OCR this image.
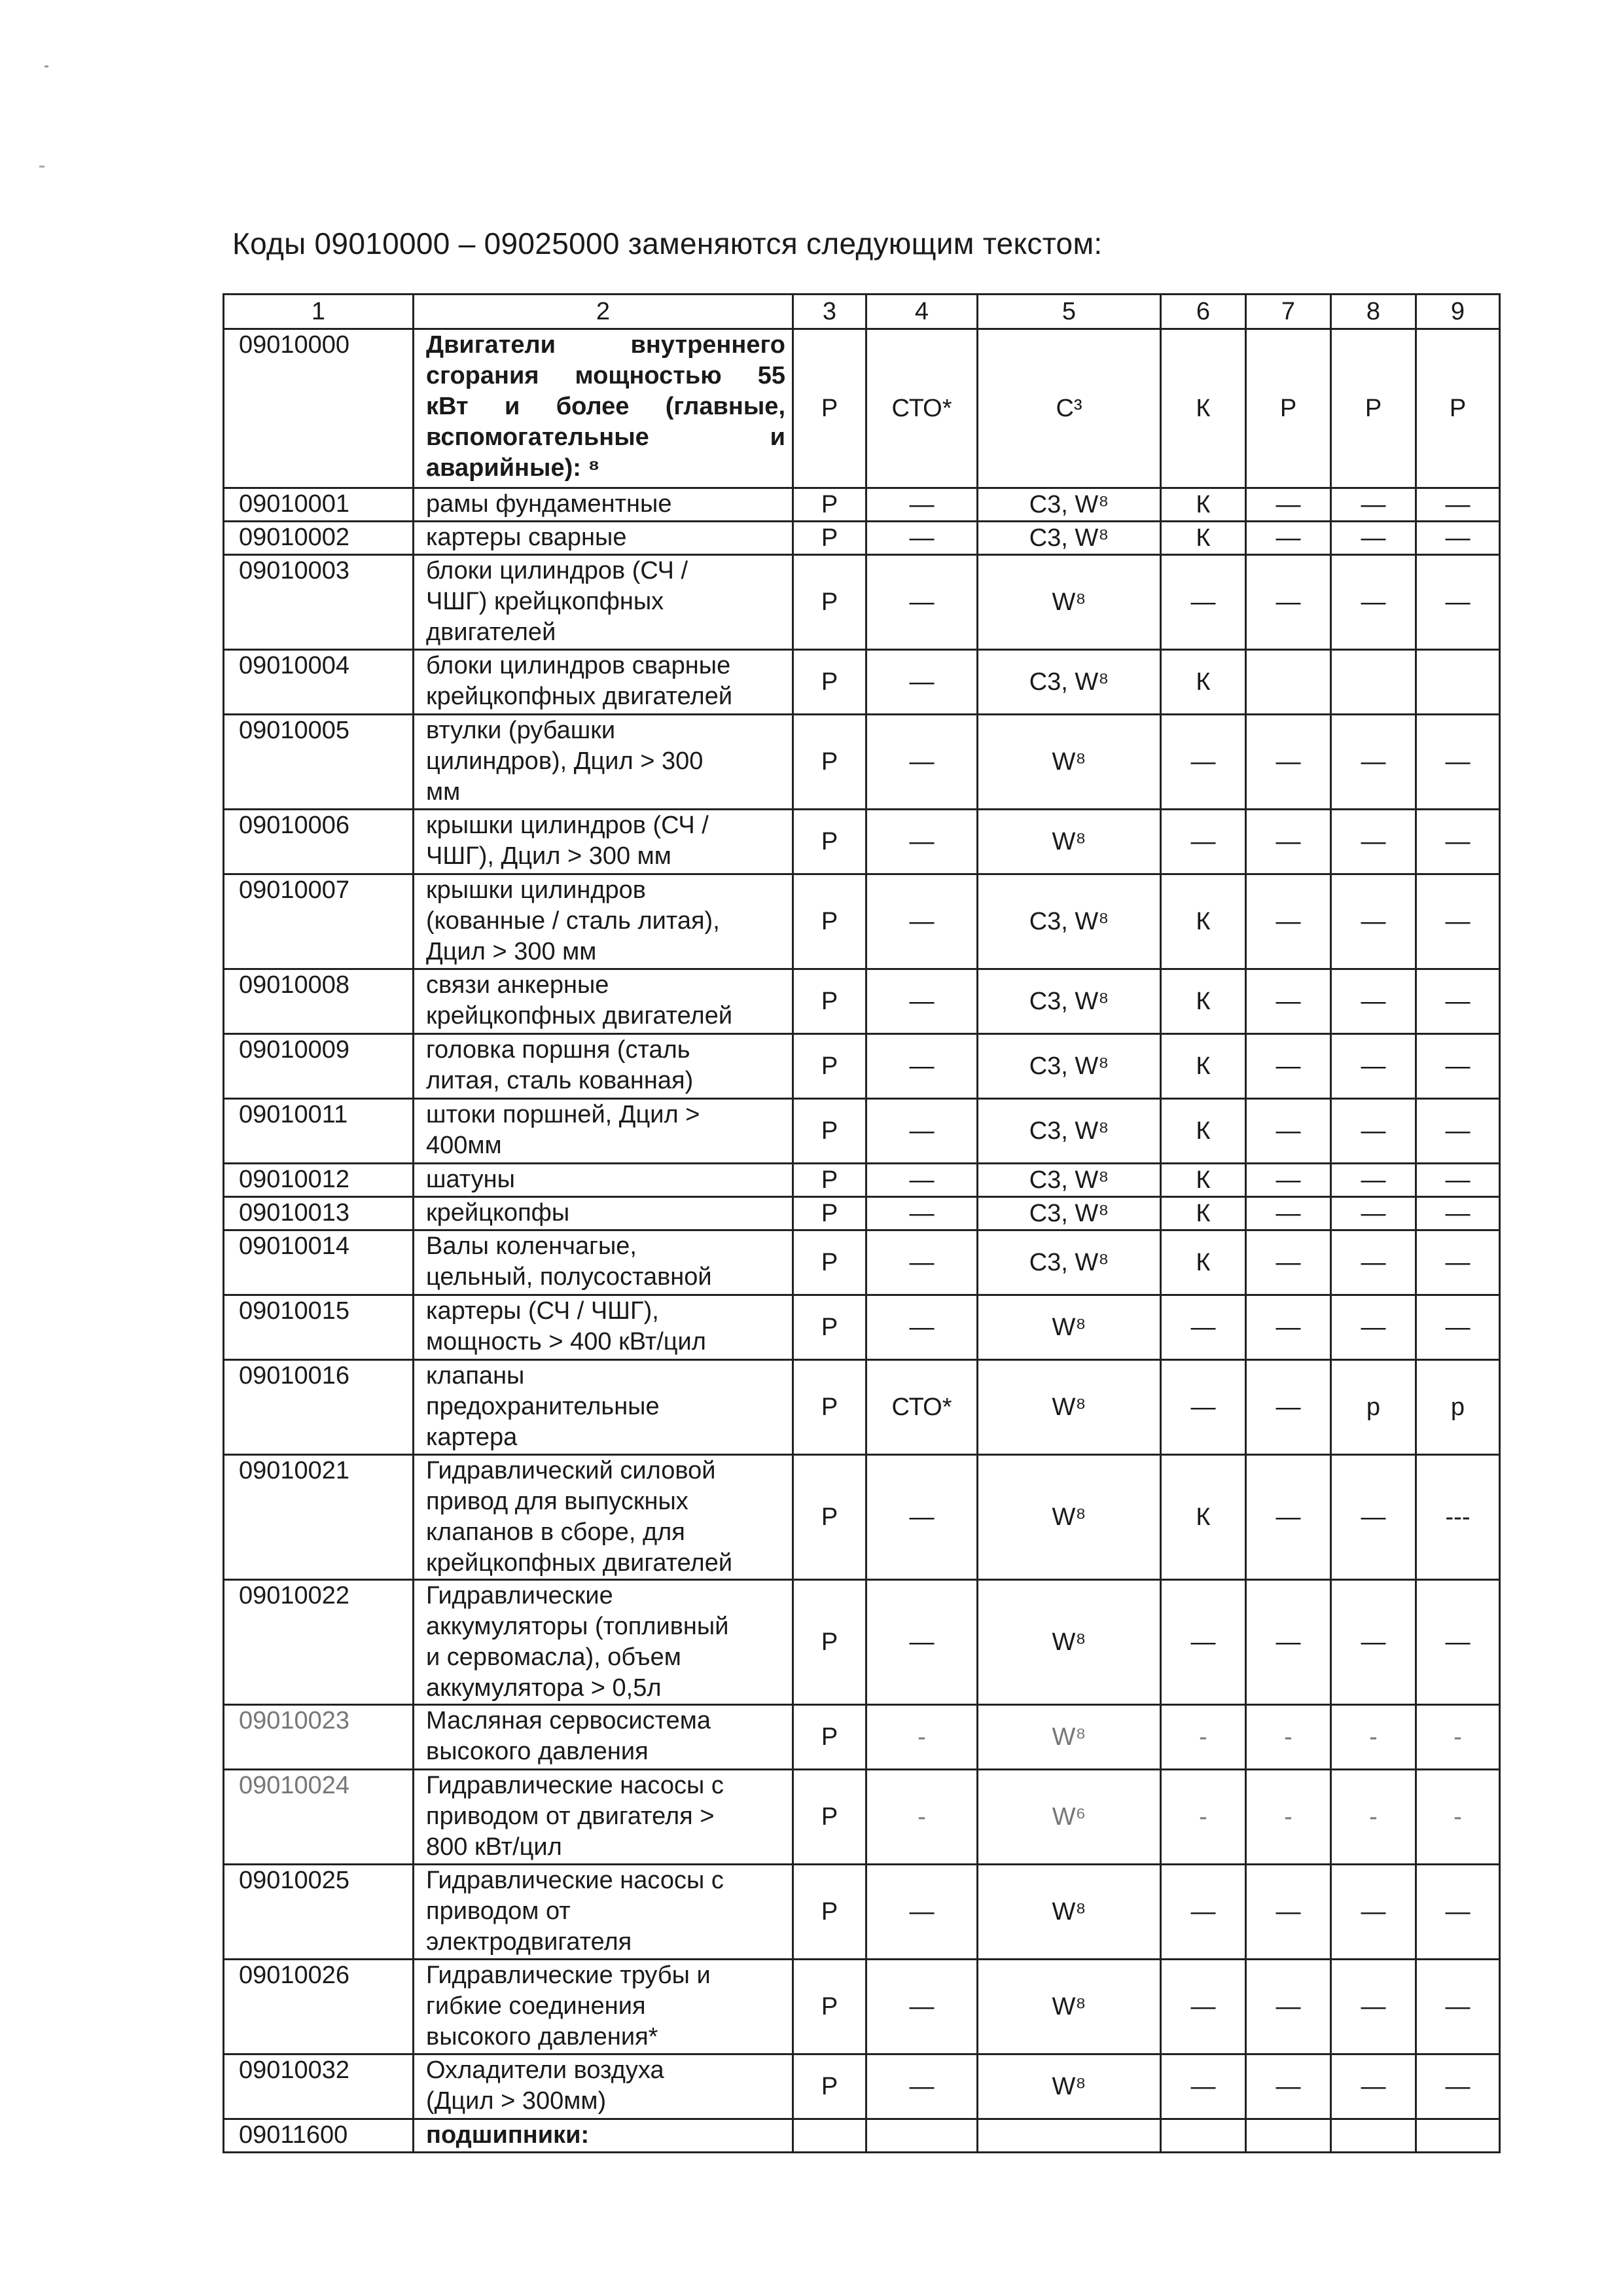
Коды 09010000 – 09025000 заменяются следующим текстом:
1	2	3	4	5	6	7	8	9
09010000	Двигатели внутреннего
сгорания мощностью 55
кВт и более (главные,
вспомогательные и
аварийные): ⁸	Р	СТО*	С³	К	Р	Р	Р
09010001	рамы фундаментные	Р	—	С3, W⁸	К	—	—	—
09010002	картеры сварные	Р	—	С3, W⁸	К	—	—	—
09010003	блоки цилиндров (СЧ /
ЧШГ) крейцкопфных
двигателей	Р	—	W⁸	—	—	—	—
09010004	блоки цилиндров сварные
крейцкопфных двигателей	Р	—	С3, W⁸	К			
09010005	втулки (рубашки
цилиндров), Дцил > 300
мм	Р	—	W⁸	—	—	—	—
09010006	крышки цилиндров (СЧ /
ЧШГ), Дцил > 300 мм	Р	—	W⁸	—	—	—	—
09010007	крышки цилиндров
(кованные / сталь литая),
Дцил > 300 мм	Р	—	С3, W⁸	К	—	—	—
09010008	связи анкерные
крейцкопфных двигателей	Р	—	С3, W⁸	К	—	—	—
09010009	головка поршня (сталь
литая, сталь кованная)	Р	—	С3, W⁸	К	—	—	—
09010011	штоки поршней, Дцил >
400мм	Р	—	С3, W⁸	К	—	—	—
09010012	шатуны	Р	—	С3, W⁸	К	—	—	—
09010013	крейцкопфы	Р	—	С3, W⁸	К	—	—	—
09010014	Валы коленчагые,
цельный, полусоставной	Р	—	С3, W⁸	К	—	—	—
09010015	картеры (СЧ / ЧШГ),
мощность > 400 кВт/цил	Р	—	W⁸	—	—	—	—
09010016	клапаны
предохранительные
картера	Р	СТО*	W⁸	—	—	р	р
09010021	Гидравлический силовой
привод для выпускных
клапанов в сборе, для
крейцкопфных двигателей	Р	—	W⁸	К	—	—	---
09010022	Гидравлические
аккумуляторы (топливный
и сервомасла), объем
аккумулятора > 0,5л	Р	—	W⁸	—	—	—	—
09010023	Масляная сервосистема
высокого давления	Р	-	W⁸	-	-	-	-
09010024	Гидравлические насосы с
приводом от двигателя >
800 кВт/цил	Р	-	W⁶	-	-	-	-
09010025	Гидравлические насосы с
приводом от
электродвигателя	Р	—	W⁸	—	—	—	—
09010026	Гидравлические трубы и
гибкие соединения
высокого давления*	Р	—	W⁸	—	—	—	—
09010032	Охладители воздуха
(Дцил > 300мм)	Р	—	W⁸	—	—	—	—
09011600	подшипники:							
